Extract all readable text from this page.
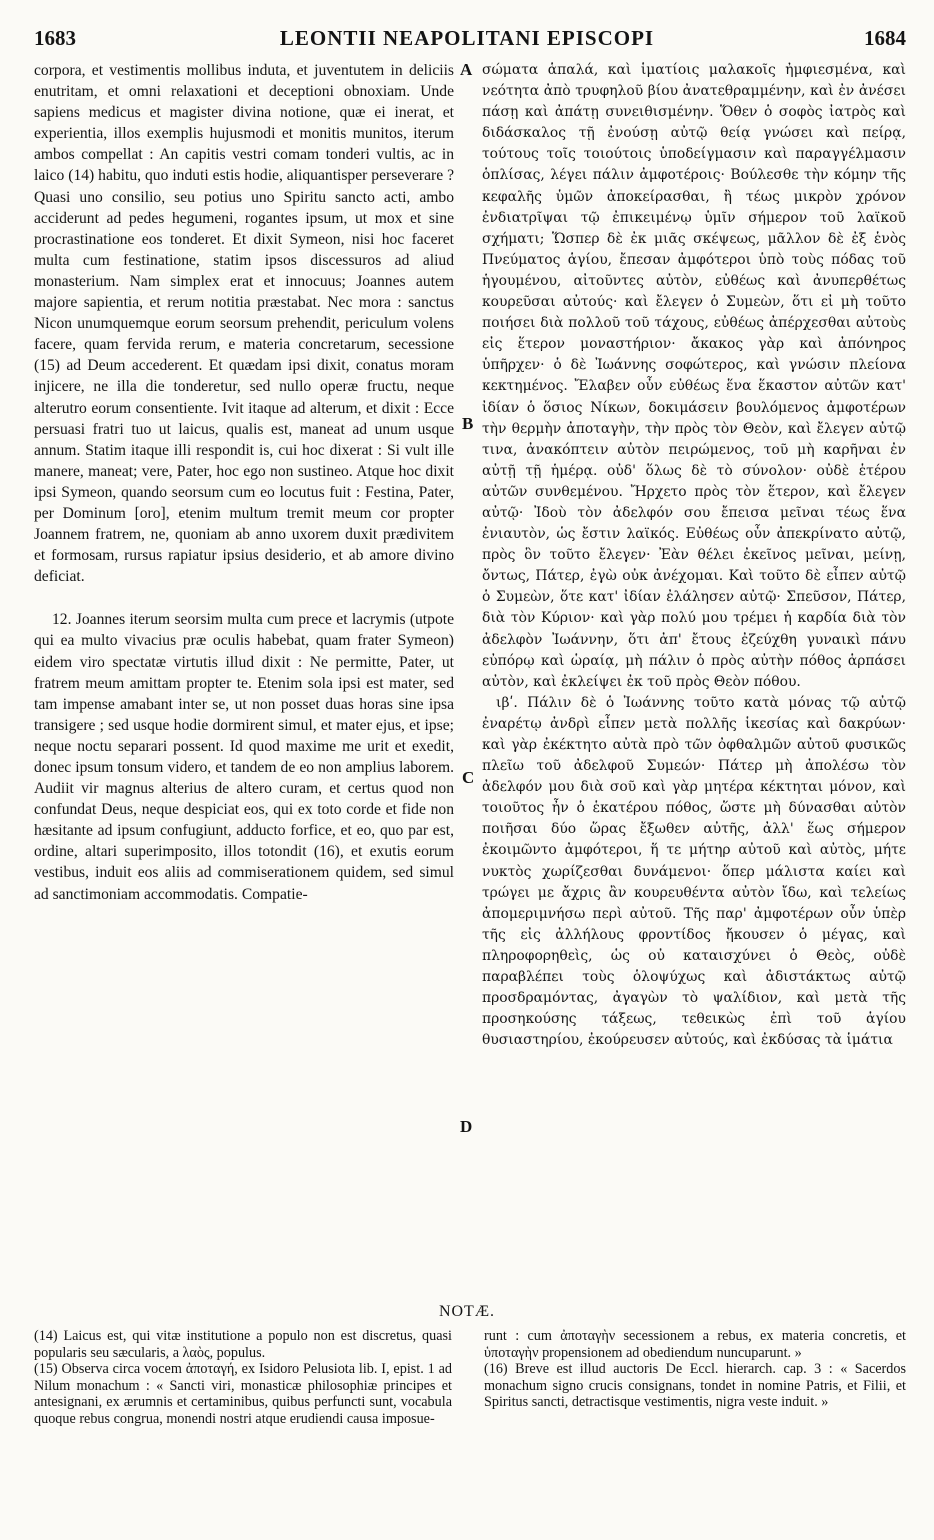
1683	LEONTII NEAPOLITANI EPISCOPI	1684
A
B
C
D

corpora, et vestimentis mollibus induta, et juventutem in deliciis enutritam, et omni relaxationi et deceptioni obnoxiam. Unde sapiens medicus et magister divina notione, quæ ei inerat, et experientia, illos exemplis hujusmodi et monitis munitos, iterum ambos compellat : An capitis vestri comam tonderi vultis, ac in laico (14) habitu, quo induti estis hodie, aliquantisper perseverare ? Quasi uno consilio, seu potius uno Spiritu sancto acti, ambo acciderunt ad pedes hegumeni, rogantes ipsum, ut mox et sine procrastinatione eos tonderet. Et dixit Symeon, nisi hoc faceret multa cum festinatione, statim ipsos discessuros ad aliud monasterium. Nam simplex erat et innocuus; Joannes autem majore sapientia, et rerum notitia præstabat. Nec mora : sanctus Nicon unumquemque eorum seorsum prehendit, periculum volens facere, quam fervida rerum, e materia concretarum, secessione (15) ad Deum accederent. Et quædam ipsi dixit, conatus moram injicere, ne illa die tonderetur, sed nullo operæ fructu, neque alterutro eorum consentiente. Ivit itaque ad alterum, et dixit : Ecce persuasi fratri tuo ut laicus, qualis est, maneat ad unum usque annum. Statim itaque illi respondit is, cui hoc dixerat : Si vult ille manere, maneat; vere, Pater, hoc ego non sustineo. Atque hoc dixit ipsi Symeon, quando seorsum cum eo locutus fuit : Festina, Pater, per Dominum [oro], etenim multum tremit meum cor propter Joannem fratrem, ne, quoniam ab anno uxorem duxit prædivitem et formosam, rursus rapiatur ipsius desiderio, et ab amore divino deficiat.

12. Joannes iterum seorsim multa cum prece et lacrymis (utpote qui ea multo vivacius præ oculis habebat, quam frater Symeon) eidem viro spectatæ virtutis illud dixit : Ne permitte, Pater, ut fratrem meum amittam propter te. Etenim sola ipsi est mater, sed tam impense amabant inter se, ut non posset duas horas sine ipsa transigere ; sed usque hodie dormirent simul, et mater ejus, et ipse; neque noctu separari possent. Id quod maxime me urit et exedit, donec ipsum tonsum videro, et tandem de eo non amplius laborem. Audiit vir magnus alterius de altero curam, et certus quod non confundat Deus, neque despiciat eos, qui ex toto corde et fide non hæsitante ad ipsum confugiunt, adducto forfice, et eo, quo par est, ordine, altari superimposito, illos totondit (16), et exutis eorum vestibus, induit eos aliis ad commiserationem quidem, sed simul ad sanctimoniam accommodatis. Compatie-

σώματα ἁπαλά, καὶ ἱματίοις μαλακοῖς ἠμφιεσμένα, καὶ νεότητα ἀπὸ τρυφηλοῦ βίου ἀνατεθραμμένην, καὶ ἐν ἀνέσει πάσῃ καὶ ἀπάτῃ συνειθισμένην. Ὅθεν ὁ σοφὸς ἰατρὸς καὶ διδάσκαλος τῇ ἐνούσῃ αὐτῷ θείᾳ γνώσει καὶ πείρᾳ, τούτους τοῖς τοιούτοις ὑποδείγμασιν καὶ παραγγέλμασιν ὁπλίσας, λέγει πάλιν ἀμφοτέροις· Βούλεσθε τὴν κόμην τῆς κεφαλῆς ὑμῶν ἀποκείρασθαι, ἢ τέως μικρὸν χρόνον ἐνδιατρῖψαι τῷ ἐπικειμένῳ ὑμῖν σήμερον τοῦ λαϊκοῦ σχήματι; Ὥσπερ δὲ ἐκ μιᾶς σκέψεως, μᾶλλον δὲ ἐξ ἑνὸς Πνεύματος ἁγίου, ἔπεσαν ἀμφότεροι ὑπὸ τοὺς πόδας τοῦ ἡγουμένου, αἰτοῦντες αὐτὸν, εὐθέως καὶ ἀνυπερθέτως κουρεῦσαι αὐτούς· καὶ ἔλεγεν ὁ Συμεὼν, ὅτι εἰ μὴ τοῦτο ποιήσει διὰ πολλοῦ τοῦ τάχους, εὐθέως ἀπέρχεσθαι αὐτοὺς εἰς ἕτερον μοναστήριον· ἄκακος γὰρ καὶ ἀπόνηρος ὑπῆρχεν· ὁ δὲ Ἰωάννης σοφώτερος, καὶ γνώσιν πλείονα κεκτημένος. Ἔλαβεν οὖν εὐθέως ἕνα ἕκαστον αὐτῶν κατ' ἰδίαν ὁ ὅσιος Νίκων, δοκιμάσειν βουλόμενος ἀμφοτέρων τὴν θερμὴν ἀποταγὴν, τὴν πρὸς τὸν Θεὸν, καὶ ἔλεγεν αὐτῷ τινα, ἀνακόπτειν αὐτὸν πειρώμενος, τοῦ μὴ καρῆναι ἐν αὐτῇ τῇ ἡμέρᾳ. οὐδ' ὅλως δὲ τὸ σύνολον· οὐδὲ ἑτέρου αὐτῶν συνθεμένου. Ἤρχετο πρὸς τὸν ἕτερον, καὶ ἔλεγεν αὐτῷ· Ἰδοὺ τὸν ἀδελφόν σου ἔπεισα μεῖναι τέως ἕνα ἐνιαυτὸν, ὡς ἔστιν λαϊκός. Εὐθέως οὖν ἀπεκρίνατο αὐτῷ, πρὸς ὃν τοῦτο ἔλεγεν· Ἐὰν θέλει ἐκεῖνος μεῖναι, μείνῃ, ὄντως, Πάτερ, ἐγὼ οὐκ ἀνέχομαι. Καὶ τοῦτο δὲ εἶπεν αὐτῷ ὁ Συμεὼν, ὅτε κατ' ἰδίαν ἐλάλησεν αὐτῷ· Σπεῦσον, Πάτερ, διὰ τὸν Κύριον· καὶ γὰρ πολύ μου τρέμει ἡ καρδία διὰ τὸν ἀδελφὸν Ἰωάννην, ὅτι ἀπ' ἔτους ἐζεύχθη γυναικὶ πάνυ εὐπόρῳ καὶ ὡραίᾳ, μὴ πάλιν ὁ πρὸς αὐτὴν πόθος ἁρπάσει αὐτὸν, καὶ ἐκλείψει ἐκ τοῦ πρὸς Θεὸν πόθου.

ιβʹ. Πάλιν δὲ ὁ Ἰωάννης τοῦτο κατὰ μόνας τῷ αὐτῷ ἐναρέτῳ ἀνδρὶ εἶπεν μετὰ πολλῆς ἱκεσίας καὶ δακρύων· καὶ γὰρ ἐκέκτητο αὐτὰ πρὸ τῶν ὀφθαλμῶν αὐτοῦ φυσικῶς πλεῖω τοῦ ἀδελφοῦ Συμεών· Πάτερ μὴ ἀπολέσω τὸν ἀδελφόν μου διὰ σοῦ καὶ γὰρ μητέρα κέκτηται μόνον, καὶ τοιοῦτος ἦν ὁ ἑκατέρου πόθος, ὥστε μὴ δύνασθαι αὐτὸν ποιῆσαι δύο ὥρας ἔξωθεν αὐτῆς, ἀλλ' ἕως σήμερον ἐκοιμῶντο ἀμφότεροι, ἥ τε μήτηρ αὐτοῦ καὶ αὐτὸς, μήτε νυκτὸς χωρίζεσθαι δυνάμενοι· ὅπερ μάλιστα καίει καὶ τρώγει με ἄχρις ἂν κουρευθέντα αὐτὸν ἴδω, καὶ τελείως ἀπομεριμνήσω περὶ αὐτοῦ. Τῆς παρ' ἀμφοτέρων οὖν ὑπὲρ τῆς εἰς ἀλλήλους φροντίδος ἤκουσεν ὁ μέγας, καὶ πληροφορηθεὶς, ὡς οὐ καταισχύνει ὁ Θεὸς, οὐδὲ παραβλέπει τοὺς ὁλοψύχως καὶ ἀδιστάκτως αὐτῷ προσδραμόντας, ἀγαγὼν τὸ ψαλίδιον, καὶ μετὰ τῆς προσηκούσης τάξεως, τεθεικὼς ἐπὶ τοῦ ἁγίου θυσιαστηρίου, ἐκούρευσεν αὐτούς, καὶ ἐκδύσας τὰ ἱμάτια

NOTÆ.

(14) Laicus est, qui vitæ institutione a populo non est discretus, quasi popularis seu sæcularis, a λαὸς, populus.
(15) Observa circa vocem ἀποταγή, ex Isidoro Pelusiota lib. I, epist. 1 ad Nilum monachum : « Sancti viri, monasticæ philosophiæ principes et antesignani, ex ærumnis et certaminibus, quibus perfuncti sunt, vocabula quoque rebus congrua, monendi nostri atque erudiendi causa imposue-

runt : cum ἀποταγὴν secessionem a rebus, ex materia concretis, et ὑποταγὴν propensionem ad obediendum nuncuparunt. »
(16) Breve est illud auctoris De Eccl. hierarch. cap. 3 : « Sacerdos monachum signo crucis consignans, tondet in nomine Patris, et Filii, et Spiritus sancti, detractisque vestimentis, nigra veste induit. »
